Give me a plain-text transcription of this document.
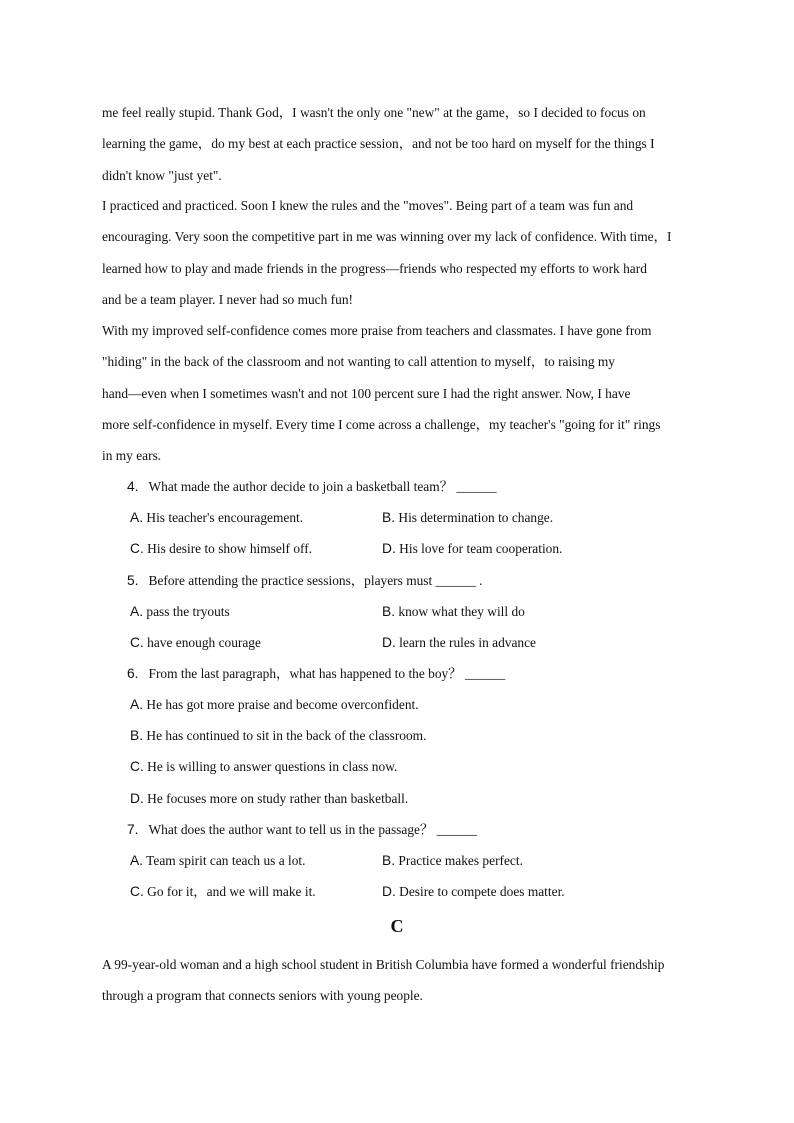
me feel really stupid. Thank God，I wasn't the only one "new" at the game，so I decided to focus on
learning the game，do my best at each practice session，and not be too hard on myself for the things I
didn't know "just yet".
I practiced and practiced. Soon I knew the rules and the "moves". Being part of a team was fun and
encouraging. Very soon the competitive part in me was winning over my lack of confidence. With time，I
learned how to play and made friends in the progress—friends who respected my efforts to work hard
and be a team player. I never had so much fun!
With my improved self-confidence comes more praise from teachers and classmates. I have gone from
"hiding" in the back of the classroom and not wanting to call attention to myself，to raising my
hand—even when I sometimes wasn't and not 100 percent sure I had the right answer. Now, I have
more self-confidence in myself. Every time I come across a challenge，my teacher's "going for it" rings
in my ears.
4. What made the author decide to join a basketball team？ ______
A. His teacher's encouragement.	B. His determination to change.
C. His desire to show himself off.	D. His love for team cooperation.
5. Before attending the practice sessions，players must ______ .
A. pass the tryouts	B. know what they will do
C. have enough courage	D. learn the rules in advance
6. From the last paragraph，what has happened to the boy？ ______
A. He has got more praise and become overconfident.
B. He has continued to sit in the back of the classroom.
C. He is willing to answer questions in class now.
D. He focuses more on study rather than basketball.
7. What does the author want to tell us in the passage？ ______
A. Team spirit can teach us a lot.	B. Practice makes perfect.
C. Go for it，and we will make it.	D. Desire to compete does matter.
C
A 99-year-old woman and a high school student in British Columbia have formed a wonderful friendship
through a program that connects seniors with young people.
